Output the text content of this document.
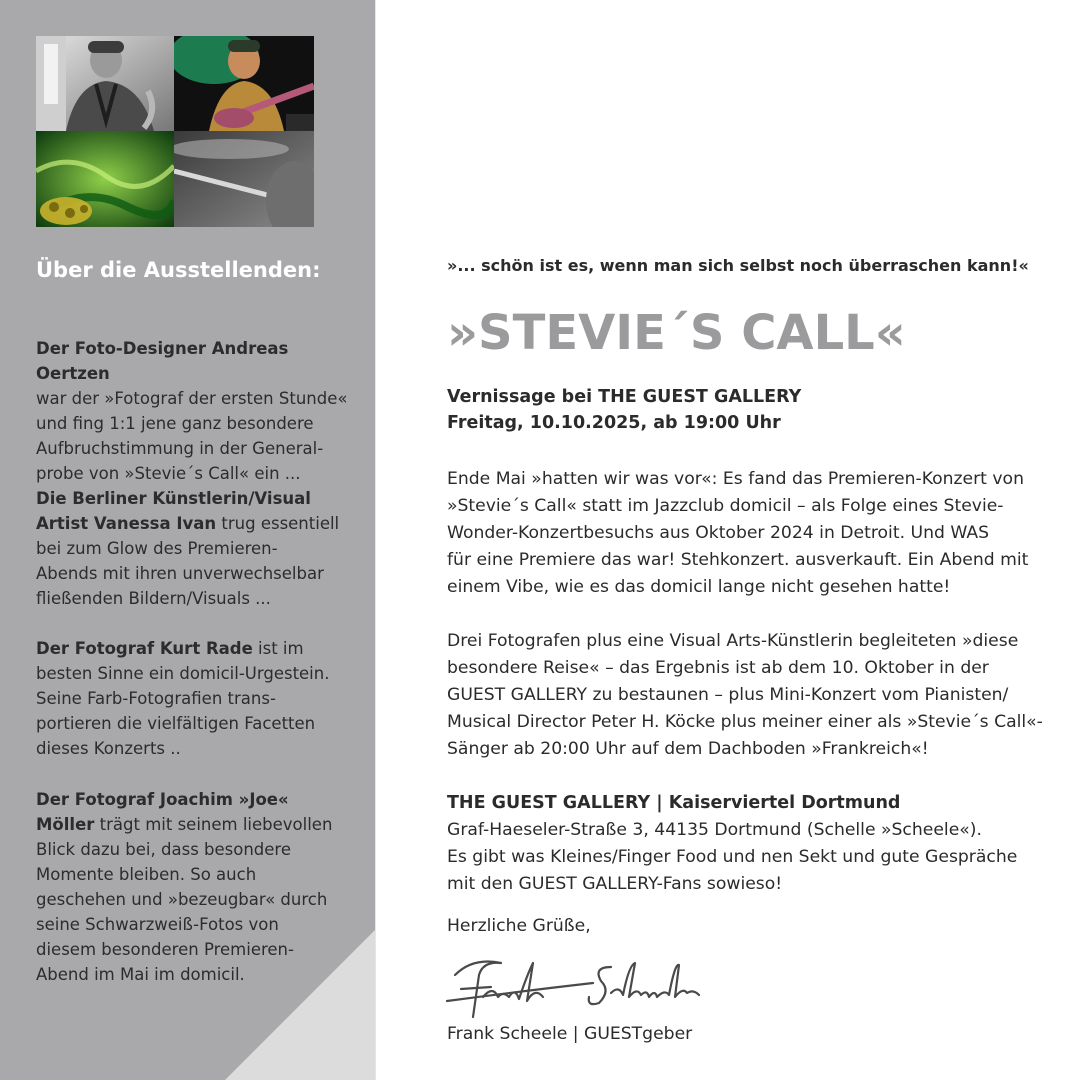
Über die Ausstellenden:
Der Foto-Designer Andreas Oertzen
war der »Fotograf der ersten Stunde«
und fing 1:1 jene ganz besondere
Aufbruchstimmung in der General-
probe von »Stevie´s Call« ein ...
Die Berliner Künstlerin/Visual
Artist Vanessa Ivan trug essentiell
bei zum Glow des Premieren-
Abends mit ihren unverwechselbar
fließenden Bildern/Visuals ...
Der Fotograf Kurt Rade ist im
besten Sinne ein domicil-Urgestein.
Seine Farb-Fotografien trans-
portieren die vielfältigen Facetten
dieses Konzerts ..
Der Fotograf Joachim »Joe«
Möller trägt mit seinem liebevollen
Blick dazu bei, dass besondere
Momente bleiben. So auch
geschehen und »bezeugbar« durch
seine Schwarzweiß-Fotos von
diesem besonderen Premieren-
Abend im Mai im domicil.
»... schön ist es, wenn man sich selbst noch überraschen kann!«
»STEVIE´S CALL«
Vernissage bei THE GUEST GALLERY
Freitag, 10.10.2025, ab 19:00 Uhr
Ende Mai »hatten wir was vor«: Es fand das Premieren-Konzert von
»Stevie´s Call« statt im Jazzclub domicil – als Folge eines Stevie-
Wonder-Konzertbesuchs aus Oktober 2024 in Detroit. Und WAS
für eine Premiere das war! Stehkonzert. ausverkauft. Ein Abend mit
einem Vibe, wie es das domicil lange nicht gesehen hatte!
Drei Fotografen plus eine Visual Arts-Künstlerin begleiteten »diese
besondere Reise« – das Ergebnis ist ab dem 10. Oktober in der
GUEST GALLERY zu bestaunen – plus Mini-Konzert vom Pianisten/
Musical Director Peter H. Köcke plus meiner einer als »Stevie´s Call«-
Sänger ab 20:00 Uhr auf dem Dachboden »Frankreich«!
THE GUEST GALLERY | Kaiserviertel Dortmund
Graf-Haeseler-Straße 3, 44135 Dortmund (Schelle »Scheele«).
Es gibt was Kleines/Finger Food und nen Sekt und gute Gespräche
mit den GUEST GALLERY-Fans sowieso!
Herzliche Grüße,
Frank Scheele | GUESTgeber
